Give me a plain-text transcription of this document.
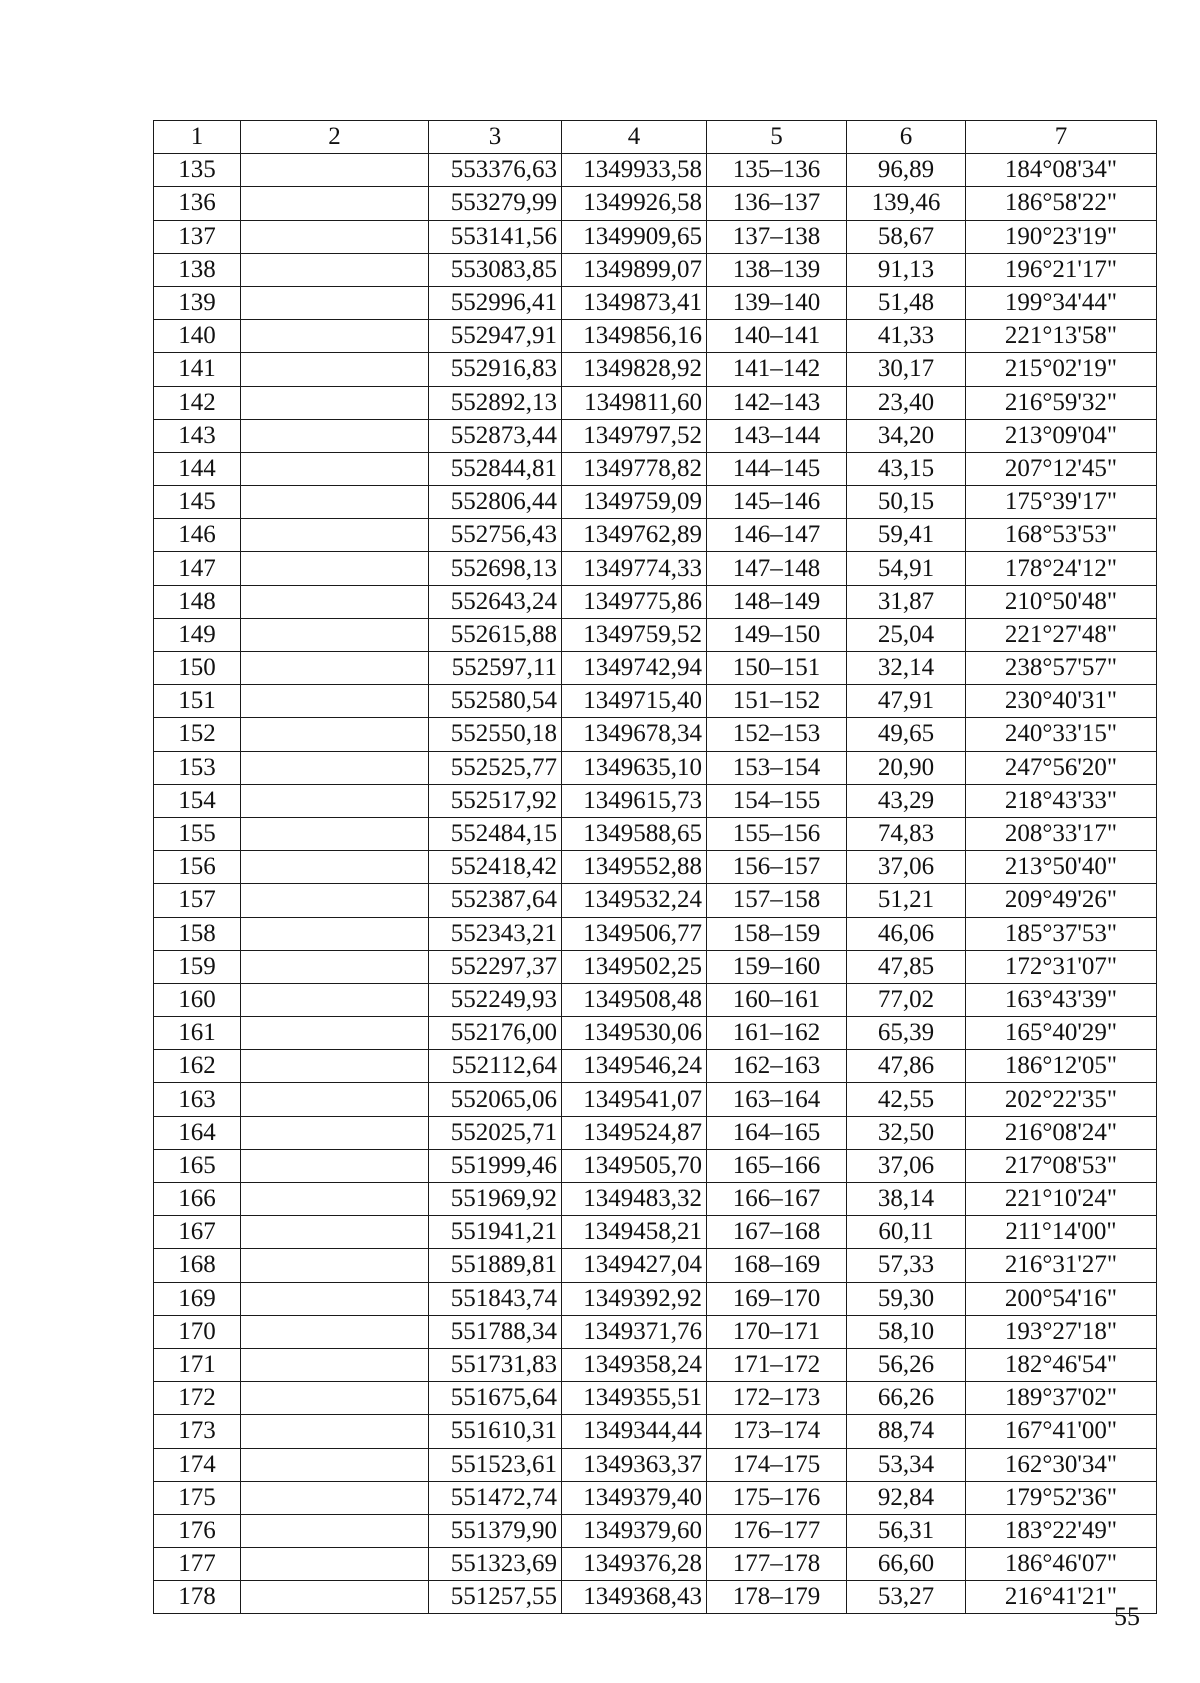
1	2	3	4	5	6	7
135		553376,63	1349933,58	135–136	96,89	184°08'34"
136		553279,99	1349926,58	136–137	139,46	186°58'22"
137		553141,56	1349909,65	137–138	58,67	190°23'19"
138		553083,85	1349899,07	138–139	91,13	196°21'17"
139		552996,41	1349873,41	139–140	51,48	199°34'44"
140		552947,91	1349856,16	140–141	41,33	221°13'58"
141		552916,83	1349828,92	141–142	30,17	215°02'19"
142		552892,13	1349811,60	142–143	23,40	216°59'32"
143		552873,44	1349797,52	143–144	34,20	213°09'04"
144		552844,81	1349778,82	144–145	43,15	207°12'45"
145		552806,44	1349759,09	145–146	50,15	175°39'17"
146		552756,43	1349762,89	146–147	59,41	168°53'53"
147		552698,13	1349774,33	147–148	54,91	178°24'12"
148		552643,24	1349775,86	148–149	31,87	210°50'48"
149		552615,88	1349759,52	149–150	25,04	221°27'48"
150		552597,11	1349742,94	150–151	32,14	238°57'57"
151		552580,54	1349715,40	151–152	47,91	230°40'31"
152		552550,18	1349678,34	152–153	49,65	240°33'15"
153		552525,77	1349635,10	153–154	20,90	247°56'20"
154		552517,92	1349615,73	154–155	43,29	218°43'33"
155		552484,15	1349588,65	155–156	74,83	208°33'17"
156		552418,42	1349552,88	156–157	37,06	213°50'40"
157		552387,64	1349532,24	157–158	51,21	209°49'26"
158		552343,21	1349506,77	158–159	46,06	185°37'53"
159		552297,37	1349502,25	159–160	47,85	172°31'07"
160		552249,93	1349508,48	160–161	77,02	163°43'39"
161		552176,00	1349530,06	161–162	65,39	165°40'29"
162		552112,64	1349546,24	162–163	47,86	186°12'05"
163		552065,06	1349541,07	163–164	42,55	202°22'35"
164		552025,71	1349524,87	164–165	32,50	216°08'24"
165		551999,46	1349505,70	165–166	37,06	217°08'53"
166		551969,92	1349483,32	166–167	38,14	221°10'24"
167		551941,21	1349458,21	167–168	60,11	211°14'00"
168		551889,81	1349427,04	168–169	57,33	216°31'27"
169		551843,74	1349392,92	169–170	59,30	200°54'16"
170		551788,34	1349371,76	170–171	58,10	193°27'18"
171		551731,83	1349358,24	171–172	56,26	182°46'54"
172		551675,64	1349355,51	172–173	66,26	189°37'02"
173		551610,31	1349344,44	173–174	88,74	167°41'00"
174		551523,61	1349363,37	174–175	53,34	162°30'34"
175		551472,74	1349379,40	175–176	92,84	179°52'36"
176		551379,90	1349379,60	176–177	56,31	183°22'49"
177		551323,69	1349376,28	177–178	66,60	186°46'07"
178		551257,55	1349368,43	178–179	53,27	216°41'21"
55
